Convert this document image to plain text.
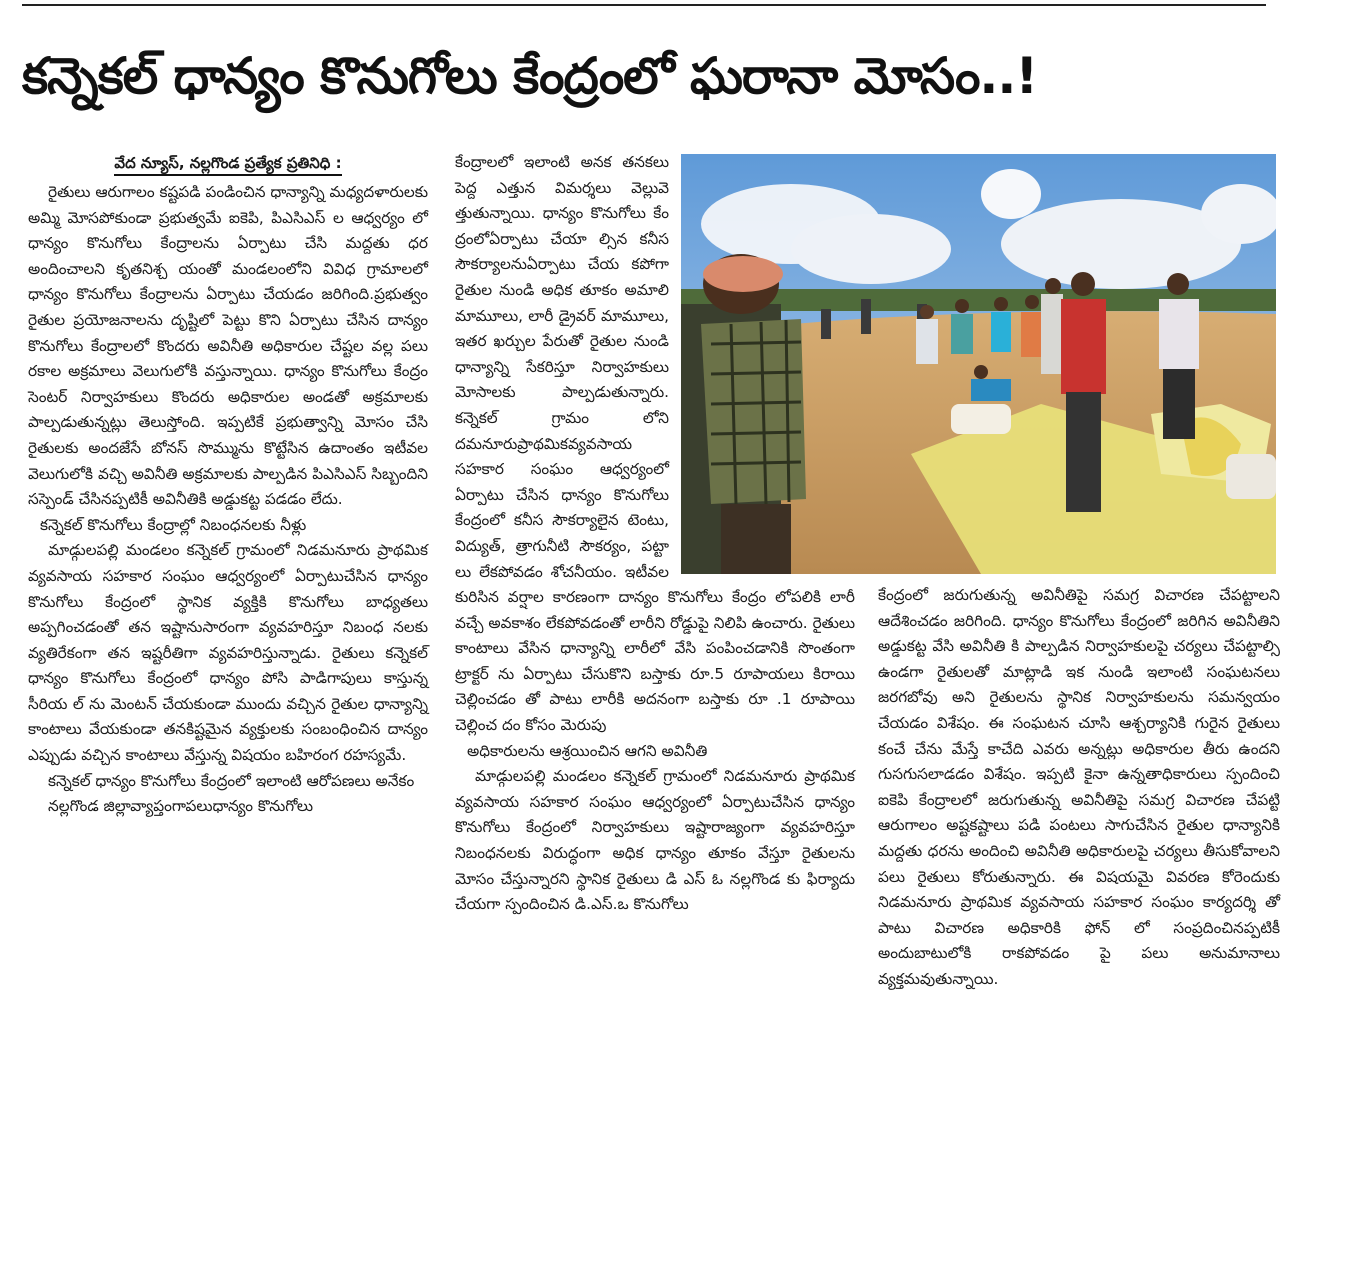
కన్నెకల్ ధాన్యం కొనుగోలు కేంద్రంలో ఘరానా మోసం..!
వేద న్యూస్, నల్లగొండ ప్రత్యేక ప్రతినిధి :

రైతులు ఆరుగాలం కష్టపడి పండించిన ధాన్యాన్ని మధ్యదళారులకు అమ్మి మోసపోకుండా ప్రభుత్వమే ఐకెపి, పిఎసిఎస్ ల ఆధ్వర్యం లో ధాన్యం కొనుగోలు కేంద్రాలను ఏర్పాటు చేసి మద్దతు ధర అందించాలని కృతనిశ్చ యంతో మండలంలోని వివిధ గ్రామాలలో ధాన్యం కొనుగోలు కేంద్రాలను ఏర్పాటు చేయడం జరిగింది.ప్రభుత్వం రైతుల ప్రయోజనాలను దృష్టిలో పెట్టు కొని ఏర్పాటు చేసిన దాన్యం కొనుగోలు కేంద్రాలలో కొందరు అవినీతి అధికారుల చేష్టల వల్ల పలు రకాల అక్రమాలు వెలుగులోకి వస్తున్నాయి. ధాన్యం కొనుగోలు కేంద్రం సెంటర్ నిర్వాహకులు కొందరు అధికారుల అండతో అక్రమాలకు పాల్పడుతున్నట్లు తెలుస్తోంది. ఇప్పటికే ప్రభుత్వాన్ని మోసం చేసి రైతులకు అందజేసే బోనస్ సొమ్మును కొట్టేసిన ఉదాంతం ఇటీవల వెలుగులోకి వచ్చి అవినీతి అక్రమాలకు పాల్పడిన పిఎసిఎస్ సిబ్బందిని సస్పెండ్ చేసినప్పటికీ అవినీతికి అడ్డుకట్ట పడడం లేదు.

కన్నెకల్ కొనుగోలు కేంద్రాల్లో నిబంధనలకు నీళ్లు

మాడ్గులపల్లి మండలం కన్నెకల్ గ్రామంలో నిడమనూరు ప్రాథమిక వ్యవసాయ సహకార సంఘం ఆధ్వర్యంలో ఏర్పాటుచేసిన ధాన్యం కొనుగోలు కేంద్రంలో స్థానిక వ్యక్తికి కొనుగోలు బాధ్యతలు అప్పగించడంతో తన ఇష్టానుసారంగా వ్యవహరిస్తూ నిబంధ నలకు వ్యతిరేకంగా తన ఇష్టరీతిగా వ్యవహరిస్తున్నాడు. రైతులు కన్నెకల్ ధాన్యం కొనుగోలు కేంద్రంలో ధాన్యం పోసి పాడిగాపులు కాస్తున్న సీరియ ల్ ను మెంటన్ చేయకుండా ముందు వచ్చిన రైతుల ధాన్యాన్ని కాంటాలు వేయకుండా తనకిష్టమైన వ్యక్తులకు సంబంధించిన దాన్యం ఎప్పుడు వచ్చిన కాంటాలు వేస్తున్న విషయం బహిరంగ రహస్యమే.

కన్నెకల్ ధాన్యం కొనుగోలు కేంద్రంలో ఇలాంటి ఆరోపణలు అనేకం

నల్లగొండ జిల్లావ్యాప్తంగాపలుధాన్యం కొనుగోలు

కేంద్రాలలో ఇలాంటి అనక తనకలు పెద్ద ఎత్తున విమర్శలు వెల్లువె త్తుతున్నాయి. ధాన్యం కొనుగోలు కేం ద్రంలోఏర్పాటు చేయా ల్సిన కనీస సౌకర్యాలనుఏర్పాటు చేయ కపోగా రైతుల నుండి అధిక తూకం అమాలి మామూలు, లారీ డ్రైవర్ మామూలు, ఇతర ఖర్చుల పేరుతో రైతుల నుండి ధాన్యాన్ని సేకరిస్తూ నిర్వాహకులు మోసాలకు పాల్పడుతున్నారు. కన్నెకల్ గ్రామం లోని దమనూరుప్రాథమికవ్యవసాయ సహకార సంఘం ఆధ్వర్యంలో ఏర్పాటు చేసిన ధాన్యం కొనుగోలు కేంద్రంలో కనీస సౌకర్యాలైన టెంటు, విద్యుత్, త్రాగునీటి సౌకర్యం, పట్టా లు లేకపోవడం శోచనీయం. ఇటీవల కురిసిన వర్షాల కారణంగా దాన్యం కొనుగోలు కేంద్రం లోపలికి లారీ వచ్చే అవకాశం లేకపోవడంతో లారీని రోడ్డుపై నిలిపి ఉంచారు. రైతులు కాంటాలు వేసిన ధాన్యాన్ని లారీలో వేసి పంపించడానికి సొంతంగా ట్రాక్టర్ ను ఏర్పాటు చేసుకొని బస్తాకు రూ.5 రూపాయలు కిరాయి చెల్లించడం తో పాటు లారీకి అదనంగా బస్తాకు రూ .1 రూపాయి చెల్లించ దం కోసం మెరుపు

అధికారులను ఆశ్రయించిన ఆగని అవినీతి

మాడ్గులపల్లి మండలం కన్నెకల్ గ్రామంలో నిడమనూరు ప్రాథమిక వ్యవసాయ సహకార సంఘం ఆధ్వర్యంలో ఏర్పాటుచేసిన ధాన్యం కొనుగోలు కేంద్రంలో నిర్వాహకులు ఇష్టారాజ్యంగా వ్యవహరిస్తూ నిబంధనలకు విరుద్ధంగా అధిక ధాన్యం తూకం వేస్తూ రైతులను మోసం చేస్తున్నారని స్థానిక రైతులు డి ఎస్ ఓ నల్లగొండ కు ఫిర్యాదు చేయగా స్పందించిన డి.ఎస్.ఒ కొనుగోలు

కేంద్రంలో జరుగుతున్న అవినీతిపై సమగ్ర విచారణ చేపట్టాలని ఆదేశించడం జరిగింది. ధాన్యం కొనుగోలు కేంద్రంలో జరిగిన అవినీతిని అడ్డుకట్ట వేసి అవినీతి కి పాల్పడిన నిర్వాహకులపై చర్యలు చేపట్టాల్సి ఉండగా రైతులతో మాట్లాడి ఇక నుండి ఇలాంటి సంఘటనలు జరగబోవు అని రైతులను స్థానిక నిర్వాహకులను సమన్వయం చేయడం విశేషం. ఈ సంఘటన చూసి ఆశ్చర్యానికి గురైన రైతులు కంచే చేను మేస్తే కాచేది ఎవరు అన్నట్లు అధికారుల తీరు ఉందని గుసగుసలాడడం విశేషం. ఇప్పటి కైనా ఉన్నతాధికారులు స్పందించి ఐకెపి కేంద్రాలలో జరుగుతున్న అవినీతిపై సమగ్ర విచారణ చేపట్టి ఆరుగాలం అష్టకష్టాలు పడి పంటలు సాగుచేసిన రైతుల ధాన్యానికి మద్దతు ధరను అందించి అవినీతి అధికారులపై చర్యలు తీసుకోవాలని పలు రైతులు కోరుతున్నారు. ఈ విషయమై వివరణ కోరెందుకు నిడమనూరు ప్రాథమిక వ్యవసాయ సహకార సంఘం కార్యదర్శి తో పాటు విచారణ అధికారికి ఫోన్ లో సంప్రదించినప్పటికీ అందుబాటులోకి రాకపోవడం పై పలు అనుమానాలు వ్యక్తమవుతున్నాయి.
